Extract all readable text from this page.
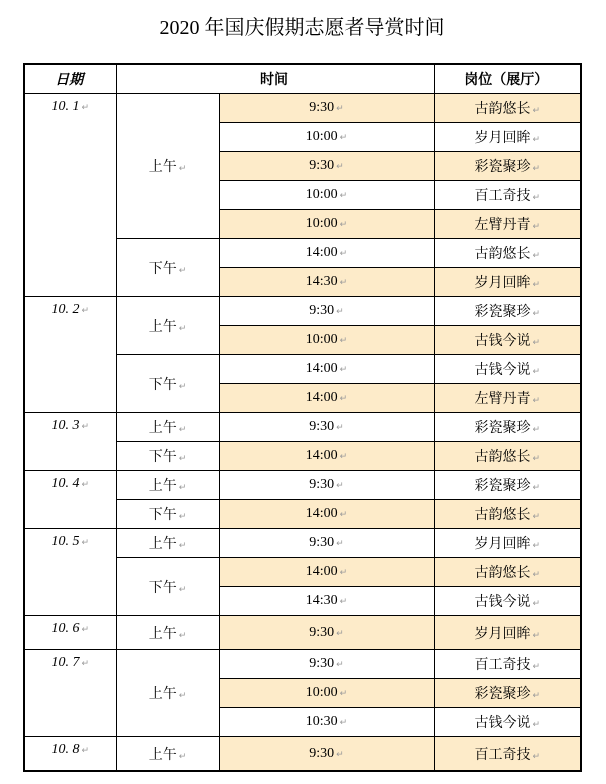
2020 年国庆假期志愿者导赏时间
日期	时间		岗位（展厅）
10. 1 ↵	上午 ↵	9:30 ↵	古韵悠长 ↵
		10:00 ↵	岁月回眸 ↵
		9:30 ↵	彩瓷聚珍 ↵
		10:00 ↵	百工奇技 ↵
		10:00 ↵	左臂丹青 ↵
	下午 ↵	14:00 ↵	古韵悠长 ↵
		14:30 ↵	岁月回眸 ↵
10. 2 ↵	上午 ↵	9:30 ↵	彩瓷聚珍 ↵
		10:00 ↵	古钱今说 ↵
	下午 ↵	14:00 ↵	古钱今说 ↵
		14:00 ↵	左臂丹青 ↵
10. 3 ↵	上午 ↵	9:30 ↵	彩瓷聚珍 ↵
	下午 ↵	14:00 ↵	古韵悠长 ↵
10. 4 ↵	上午 ↵	9:30 ↵	彩瓷聚珍 ↵
	下午 ↵	14:00 ↵	古韵悠长 ↵
10. 5 ↵	上午 ↵	9:30 ↵	岁月回眸 ↵
	下午 ↵	14:00 ↵	古韵悠长 ↵
		14:30 ↵	古钱今说 ↵
10. 6 ↵	上午 ↵	9:30 ↵	岁月回眸 ↵
10. 7 ↵	上午 ↵	9:30 ↵	百工奇技 ↵
		10:00 ↵	彩瓷聚珍 ↵
		10:30 ↵	古钱今说 ↵
10. 8 ↵	上午 ↵	9:30 ↵	百工奇技 ↵
